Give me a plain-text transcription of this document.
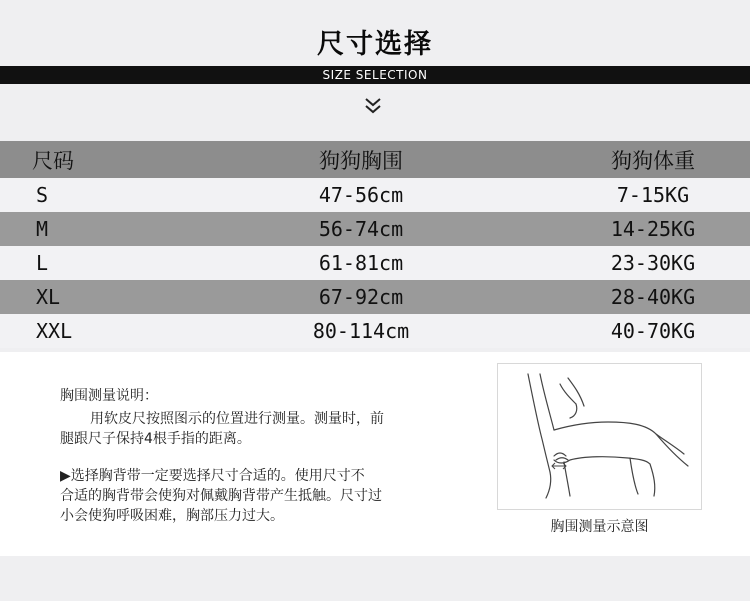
尺寸选择
SIZE SELECTION
尺码	狗狗胸围	狗狗体重
S	47-56cm	7-15KG
M	56-74cm	14-25KG
L	61-81cm	23-30KG
XL	67-92cm	28-40KG
XXL	80-114cm	40-70KG

胸围测量说明：

用软皮尺按照图示的位置进行测量。测量时，前

腿跟尺子保持4根手指的距离。

▶选择胸背带一定要选择尺寸合适的。使用尺寸不

合适的胸背带会使狗对佩戴胸背带产生抵触。尺寸过

小会使狗呼吸困难，胸部压力过大。

胸围测量示意图
